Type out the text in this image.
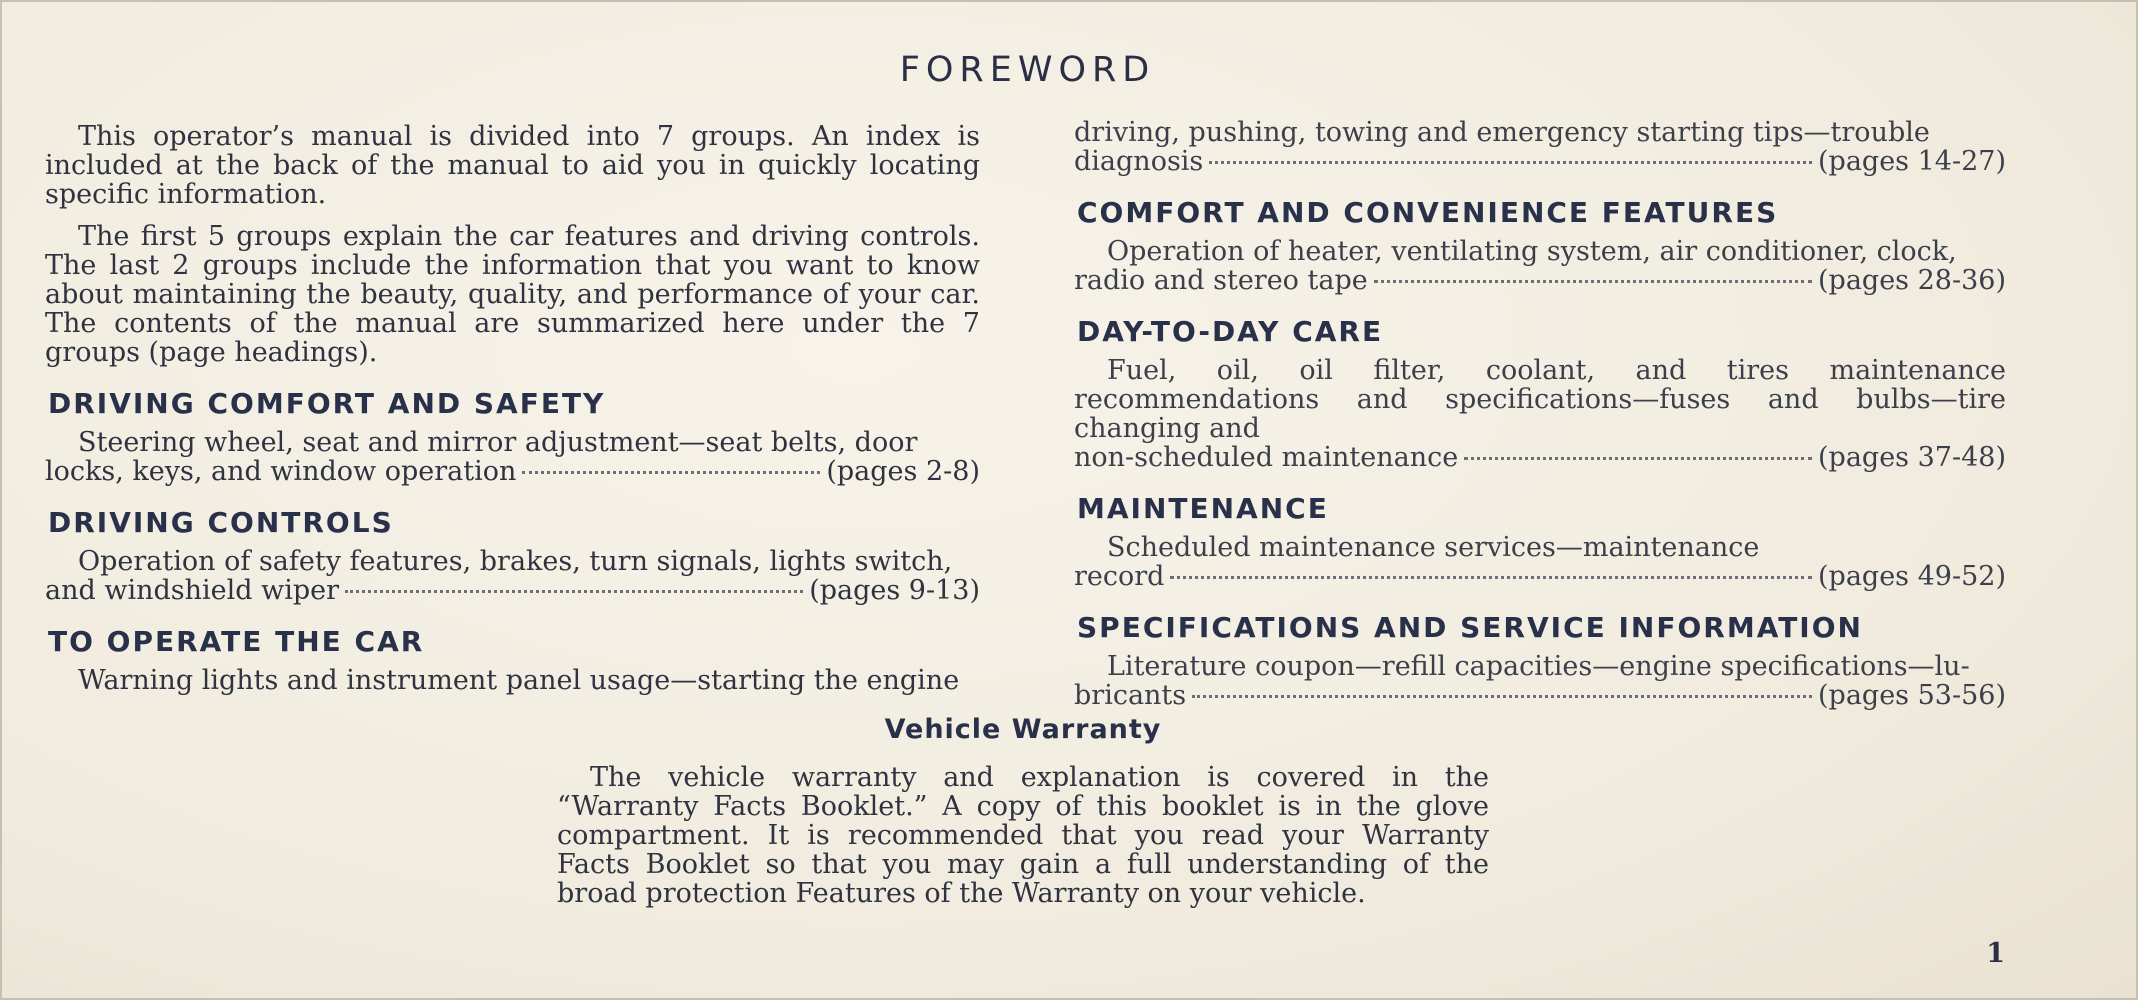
FOREWORD

This operator’s manual is divided into 7 groups. An index is included at the back of the manual to aid you in quickly locating specific information.

The first 5 groups explain the car features and driving controls. The last 2 groups include the information that you want to know about maintaining the beauty, quality, and performance of your car. The contents of the manual are summarized here under the 7 groups (page headings).

DRIVING COMFORT AND SAFETY
Steering wheel, seat and mirror adjustment—seat belts, door
locks, keys, and window operation	(pages 2-8)
DRIVING CONTROLS
Operation of safety features, brakes, turn signals, lights switch,
and windshield wiper	(pages 9-13)
TO OPERATE THE CAR
Warning lights and instrument panel usage—starting the engine
driving, pushing, towing and emergency starting tips—trouble
diagnosis	(pages 14-27)
COMFORT AND CONVENIENCE FEATURES
Operation of heater, ventilating system, air conditioner, clock,
radio and stereo tape	(pages 28-36)
DAY-TO-DAY CARE
Fuel, oil, oil filter, coolant, and tires maintenance recommendations and specifications—fuses and bulbs—tire changing and
non-scheduled maintenance	(pages 37-48)
MAINTENANCE
Scheduled maintenance services—maintenance
record	(pages 49-52)
SPECIFICATIONS AND SERVICE INFORMATION
Literature coupon—refill capacities—engine specifications—lu-
bricants	(pages 53-56)
Vehicle Warranty

The vehicle warranty and explanation is covered in the “Warranty Facts Booklet.” A copy of this booklet is in the glove compartment. It is recommended that you read your Warranty Facts Booklet so that you may gain a full understanding of the broad protection Features of the Warranty on your vehicle.

1
